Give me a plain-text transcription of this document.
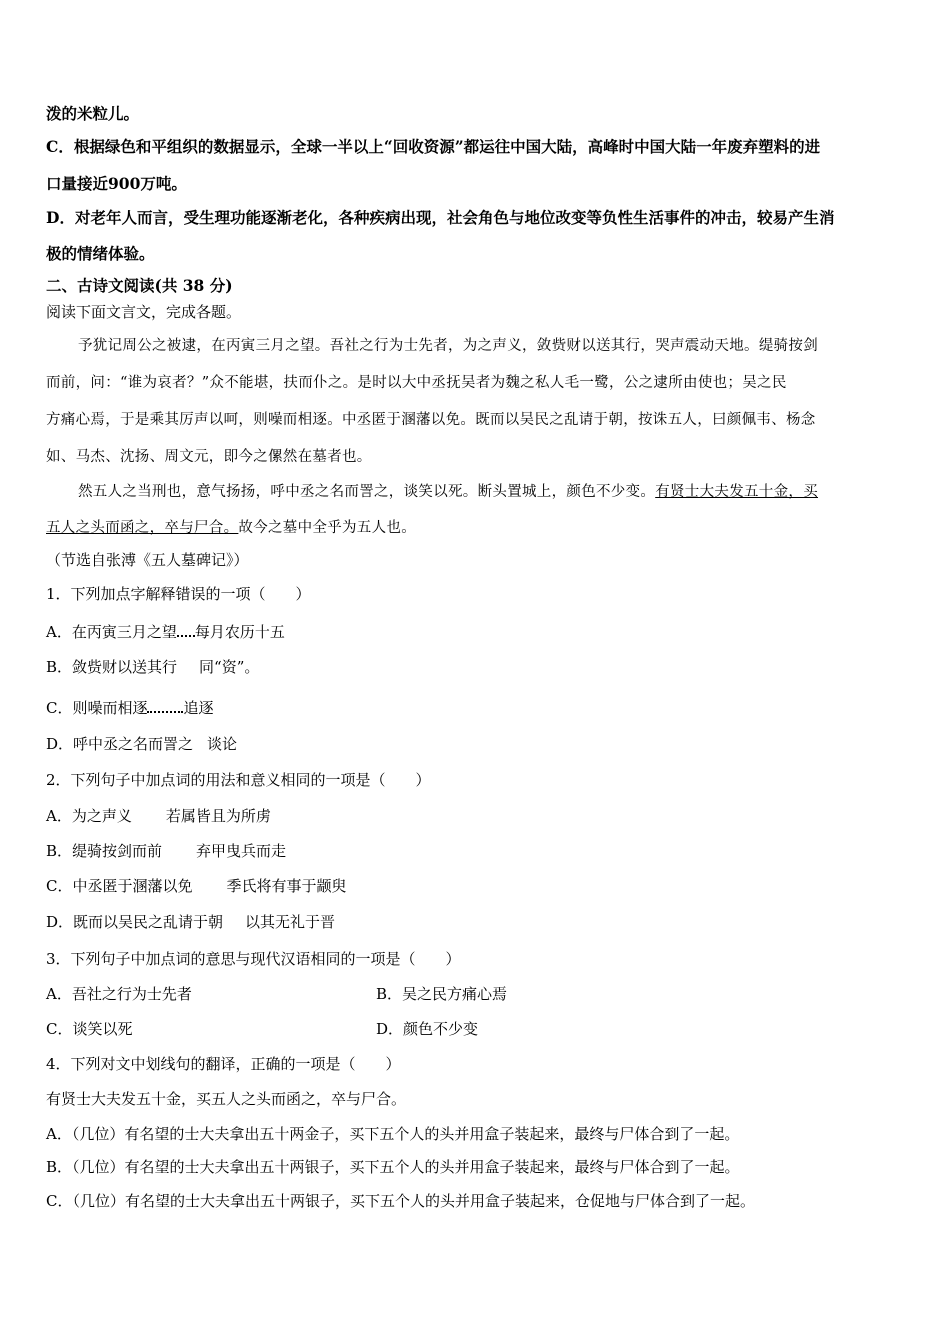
泼的米粒儿。
C．根据绿色和平组织的数据显示，全球一半以上“回收资源”都运往中国大陆，高峰时中国大陆一年废弃塑料的进
口量接近900万吨。
D．对老年人而言，受生理功能逐渐老化，各种疾病出现，社会角色与地位改变等负性生活事件的冲击，较易产生消
极的情绪体验。
二、古诗文阅读(共 38 分)
阅读下面文言文，完成各题。
予犹记周公之被逮，在丙寅三月之望。吾社之行为士先者，为之声义，敛赀财以送其行，哭声震动天地。缇骑按剑
而前，问：“谁为哀者？”众不能堪，扶而仆之。是时以大中丞抚吴者为魏之私人毛一鹭，公之逮所由使也；吴之民
方痛心焉，于是乘其厉声以呵，则噪而相逐。中丞匿于溷藩以免。既而以吴民之乱请于朝，按诛五人，曰颜佩韦、杨念
如、马杰、沈扬、周文元，即今之傫然在墓者也。
然五人之当刑也，意气扬扬，呼中丞之名而詈之，谈笑以死。断头置城上，颜色不少变。有贤士大夫发五十金，买
五人之头而函之，卒与尸合。故今之墓中全乎为五人也。
（节选自张溥《五人墓碑记》）
1．下列加点字解释错误的一项（　　）
A．在丙寅三月之望 每月农历十五
B．敛赀财以送其行 同“资”。
C．则噪而相逐 追逐
D．呼中丞之名而詈之 谈论
2．下列句子中加点词的用法和意义相同的一项是（　　）
A．为之声义 若属皆且为所虏
B．缇骑按剑而前 弃甲曳兵而走
C．中丞匿于溷藩以免 季氏将有事于颛臾
D．既而以吴民之乱请于朝 以其无礼于晋
3．下列句子中加点词的意思与现代汉语相同的一项是（　　）
A．吾社之行为士先者	B．吴之民方痛心焉
C．谈笑以死	D．颜色不少变
4．下列对文中划线句的翻译，正确的一项是（　　）
有贤士大夫发五十金，买五人之头而函之，卒与尸合。
A．（几位）有名望的士大夫拿出五十两金子，买下五个人的头并用盒子装起来，最终与尸体合到了一起。
B．（几位）有名望的士大夫拿出五十两银子，买下五个人的头并用盒子装起来，最终与尸体合到了一起。
C．（几位）有名望的士大夫拿出五十两银子，买下五个人的头并用盒子装起来，仓促地与尸体合到了一起。
